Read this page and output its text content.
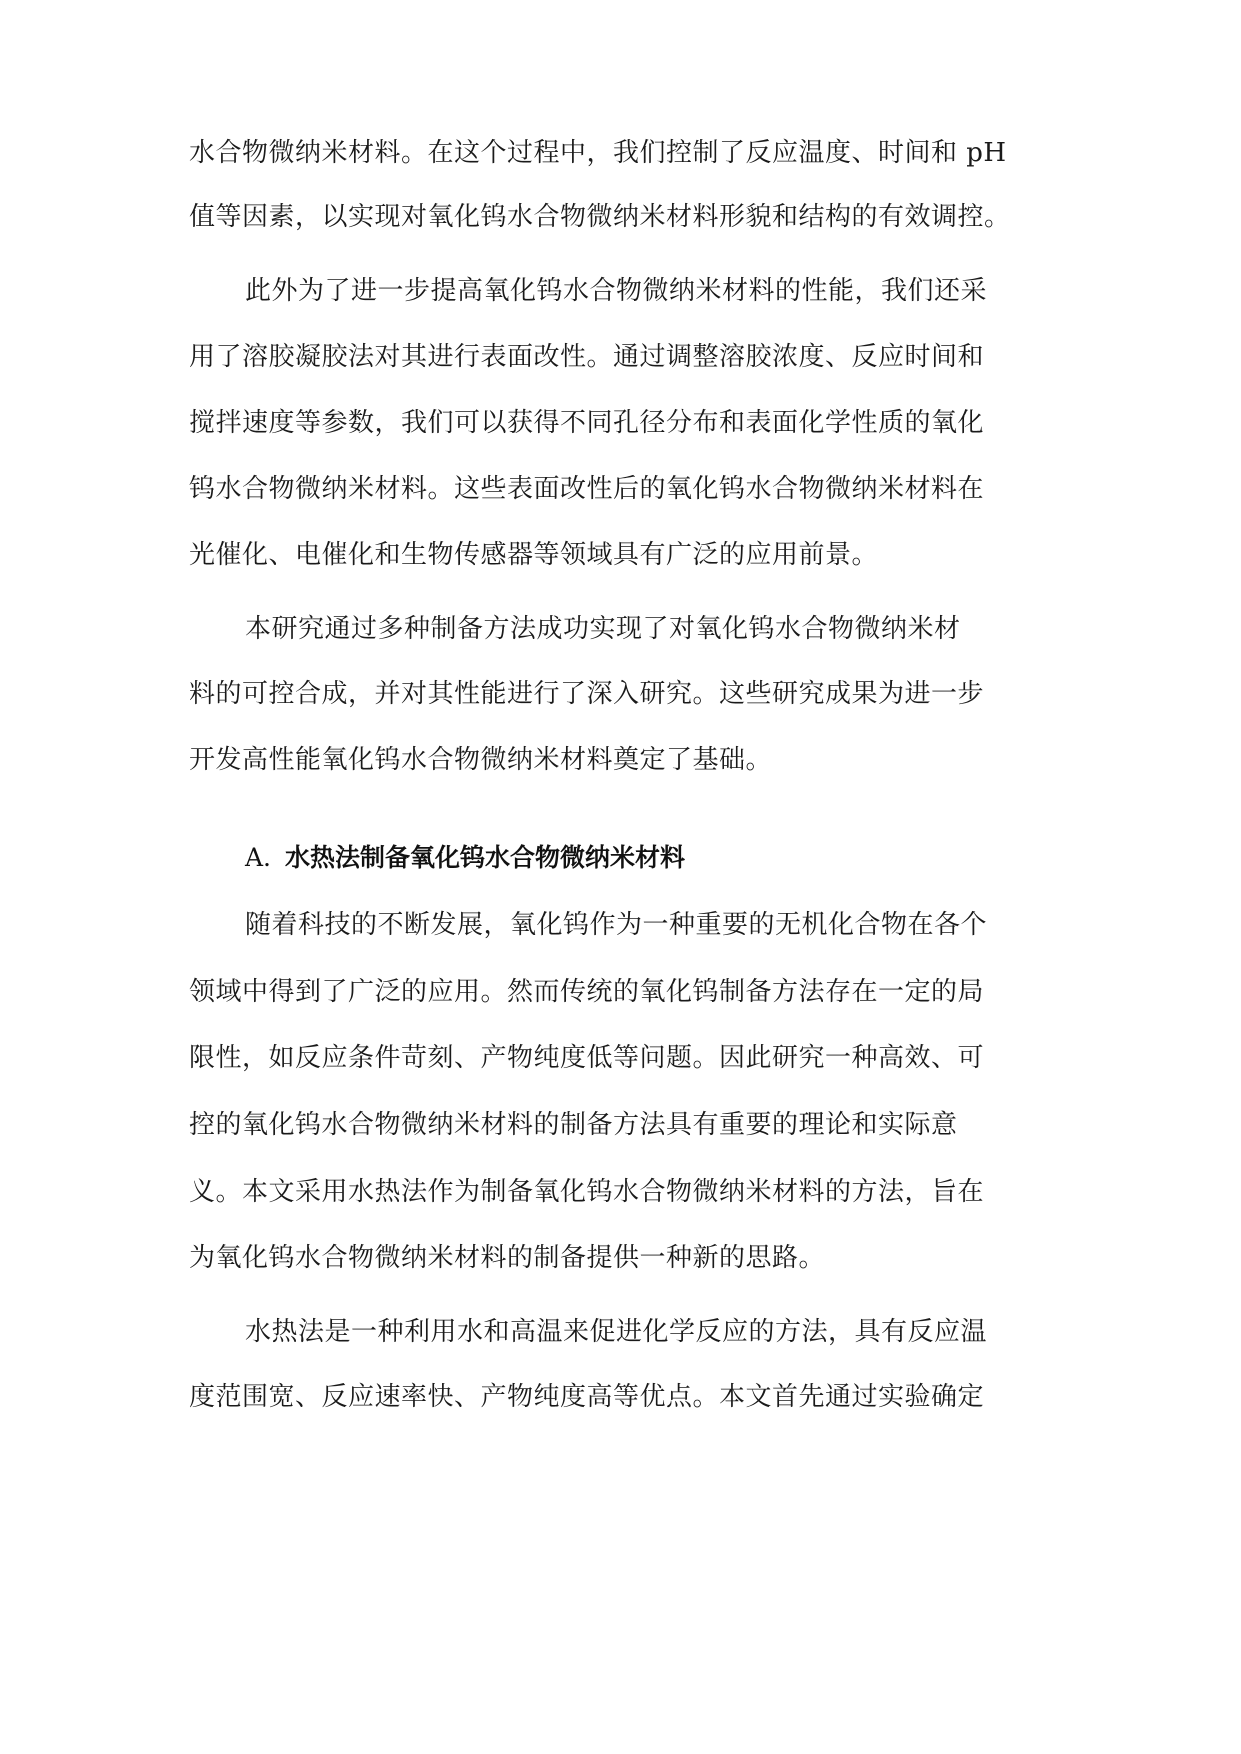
水合物微纳米材料。在这个过程中，我们控制了反应温度、时间和 pH
值等因素，以实现对氧化钨水合物微纳米材料形貌和结构的有效调控。
此外为了进一步提高氧化钨水合物微纳米材料的性能，我们还采
用了溶胶凝胶法对其进行表面改性。通过调整溶胶浓度、反应时间和
搅拌速度等参数，我们可以获得不同孔径分布和表面化学性质的氧化
钨水合物微纳米材料。这些表面改性后的氧化钨水合物微纳米材料在
光催化、电催化和生物传感器等领域具有广泛的应用前景。
本研究通过多种制备方法成功实现了对氧化钨水合物微纳米材
料的可控合成，并对其性能进行了深入研究。这些研究成果为进一步
开发高性能氧化钨水合物微纳米材料奠定了基础。
A. 水热法制备氧化钨水合物微纳米材料
随着科技的不断发展，氧化钨作为一种重要的无机化合物在各个
领域中得到了广泛的应用。然而传统的氧化钨制备方法存在一定的局
限性，如反应条件苛刻、产物纯度低等问题。因此研究一种高效、可
控的氧化钨水合物微纳米材料的制备方法具有重要的理论和实际意
义。本文采用水热法作为制备氧化钨水合物微纳米材料的方法，旨在
为氧化钨水合物微纳米材料的制备提供一种新的思路。
水热法是一种利用水和高温来促进化学反应的方法，具有反应温
度范围宽、反应速率快、产物纯度高等优点。本文首先通过实验确定
